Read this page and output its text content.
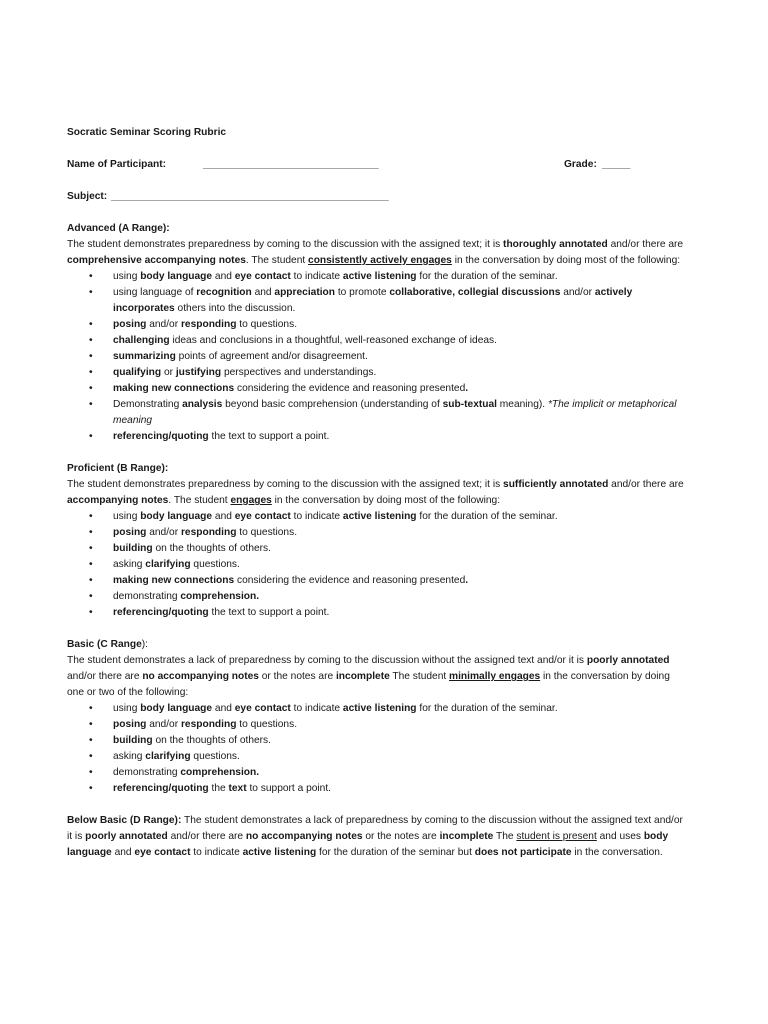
Socratic Seminar Scoring Rubric

Name of Participant:	_______________________________	Grade: _____
Subject: _________________________________________________

Advanced (A Range):

The student demonstrates preparedness by coming to the discussion with the assigned text; it is thoroughly annotated and/or there are comprehensive accompanying notes. The student consistently actively engages in the conversation by doing most of the following:

• using body language and eye contact to indicate active listening for the duration of the seminar.
• using language of recognition and appreciation to promote collaborative, collegial discussions and/or actively incorporates others into the discussion.
• posing and/or responding to questions.
• challenging ideas and conclusions in a thoughtful, well-reasoned exchange of ideas.
• summarizing points of agreement and/or disagreement.
• qualifying or justifying perspectives and understandings.
• making new connections considering the evidence and reasoning presented.
• Demonstrating analysis beyond basic comprehension (understanding of sub-textual meaning). *The implicit or metaphorical meaning
• referencing/quoting the text to support a point.

Proficient (B Range):

The student demonstrates preparedness by coming to the discussion with the assigned text; it is sufficiently annotated and/or there are accompanying notes. The student engages in the conversation by doing most of the following:

• using body language and eye contact to indicate active listening for the duration of the seminar.
• posing and/or responding to questions.
• building on the thoughts of others.
• asking clarifying questions.
• making new connections considering the evidence and reasoning presented.
• demonstrating comprehension.
• referencing/quoting the text to support a point.

Basic (C Range):

The student demonstrates a lack of preparedness by coming to the discussion without the assigned text and/or it is poorly annotated and/or there are no accompanying notes or the notes are incomplete The student minimally engages in the conversation by doing one or two of the following:

• using body language and eye contact to indicate active listening for the duration of the seminar.
• posing and/or responding to questions.
• building on the thoughts of others.
• asking clarifying questions.
• demonstrating comprehension.
• referencing/quoting the text to support a point.

Below Basic (D Range): The student demonstrates a lack of preparedness by coming to the discussion without the assigned text and/or it is poorly annotated and/or there are no accompanying notes or the notes are incomplete The student is present and uses body language and eye contact to indicate active listening for the duration of the seminar but does not participate in the conversation.
